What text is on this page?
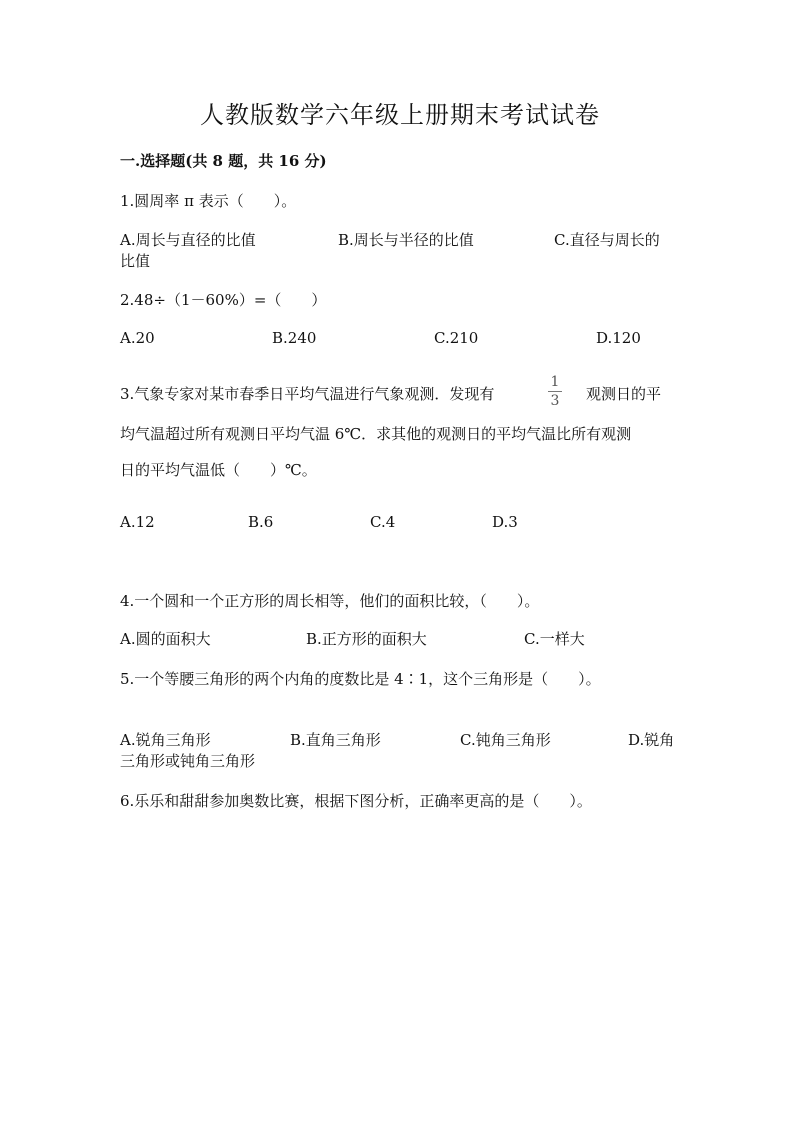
人教版数学六年级上册期末考试试卷
一.选择题(共 8 题，共 16 分)
1.圆周率 π 表示（　　）。
A.周长与直径的比值	B.周长与半径的比值	C.直径与周长的
比值
2.48÷（1－60%）=（　　）
A.20	B.240	C.210	D.120
3.气象专家对某市春季日平均气温进行气象观测．发现有
1
3 观测日的平
均气温超过所有观测日平均气温 6℃．求其他的观测日的平均气温比所有观测
日的平均气温低（　　）℃。
A.12	B.6	C.4	D.3
4.一个圆和一个正方形的周长相等，他们的面积比较，（　　）。
A.圆的面积大	B.正方形的面积大	C.一样大
5.一个等腰三角形的两个内角的度数比是 4∶1，这个三角形是（　　）。
A.锐角三角形	B.直角三角形	C.钝角三角形	D.锐角
三角形或钝角三角形
6.乐乐和甜甜参加奥数比赛，根据下图分析，正确率更高的是（　　）。
